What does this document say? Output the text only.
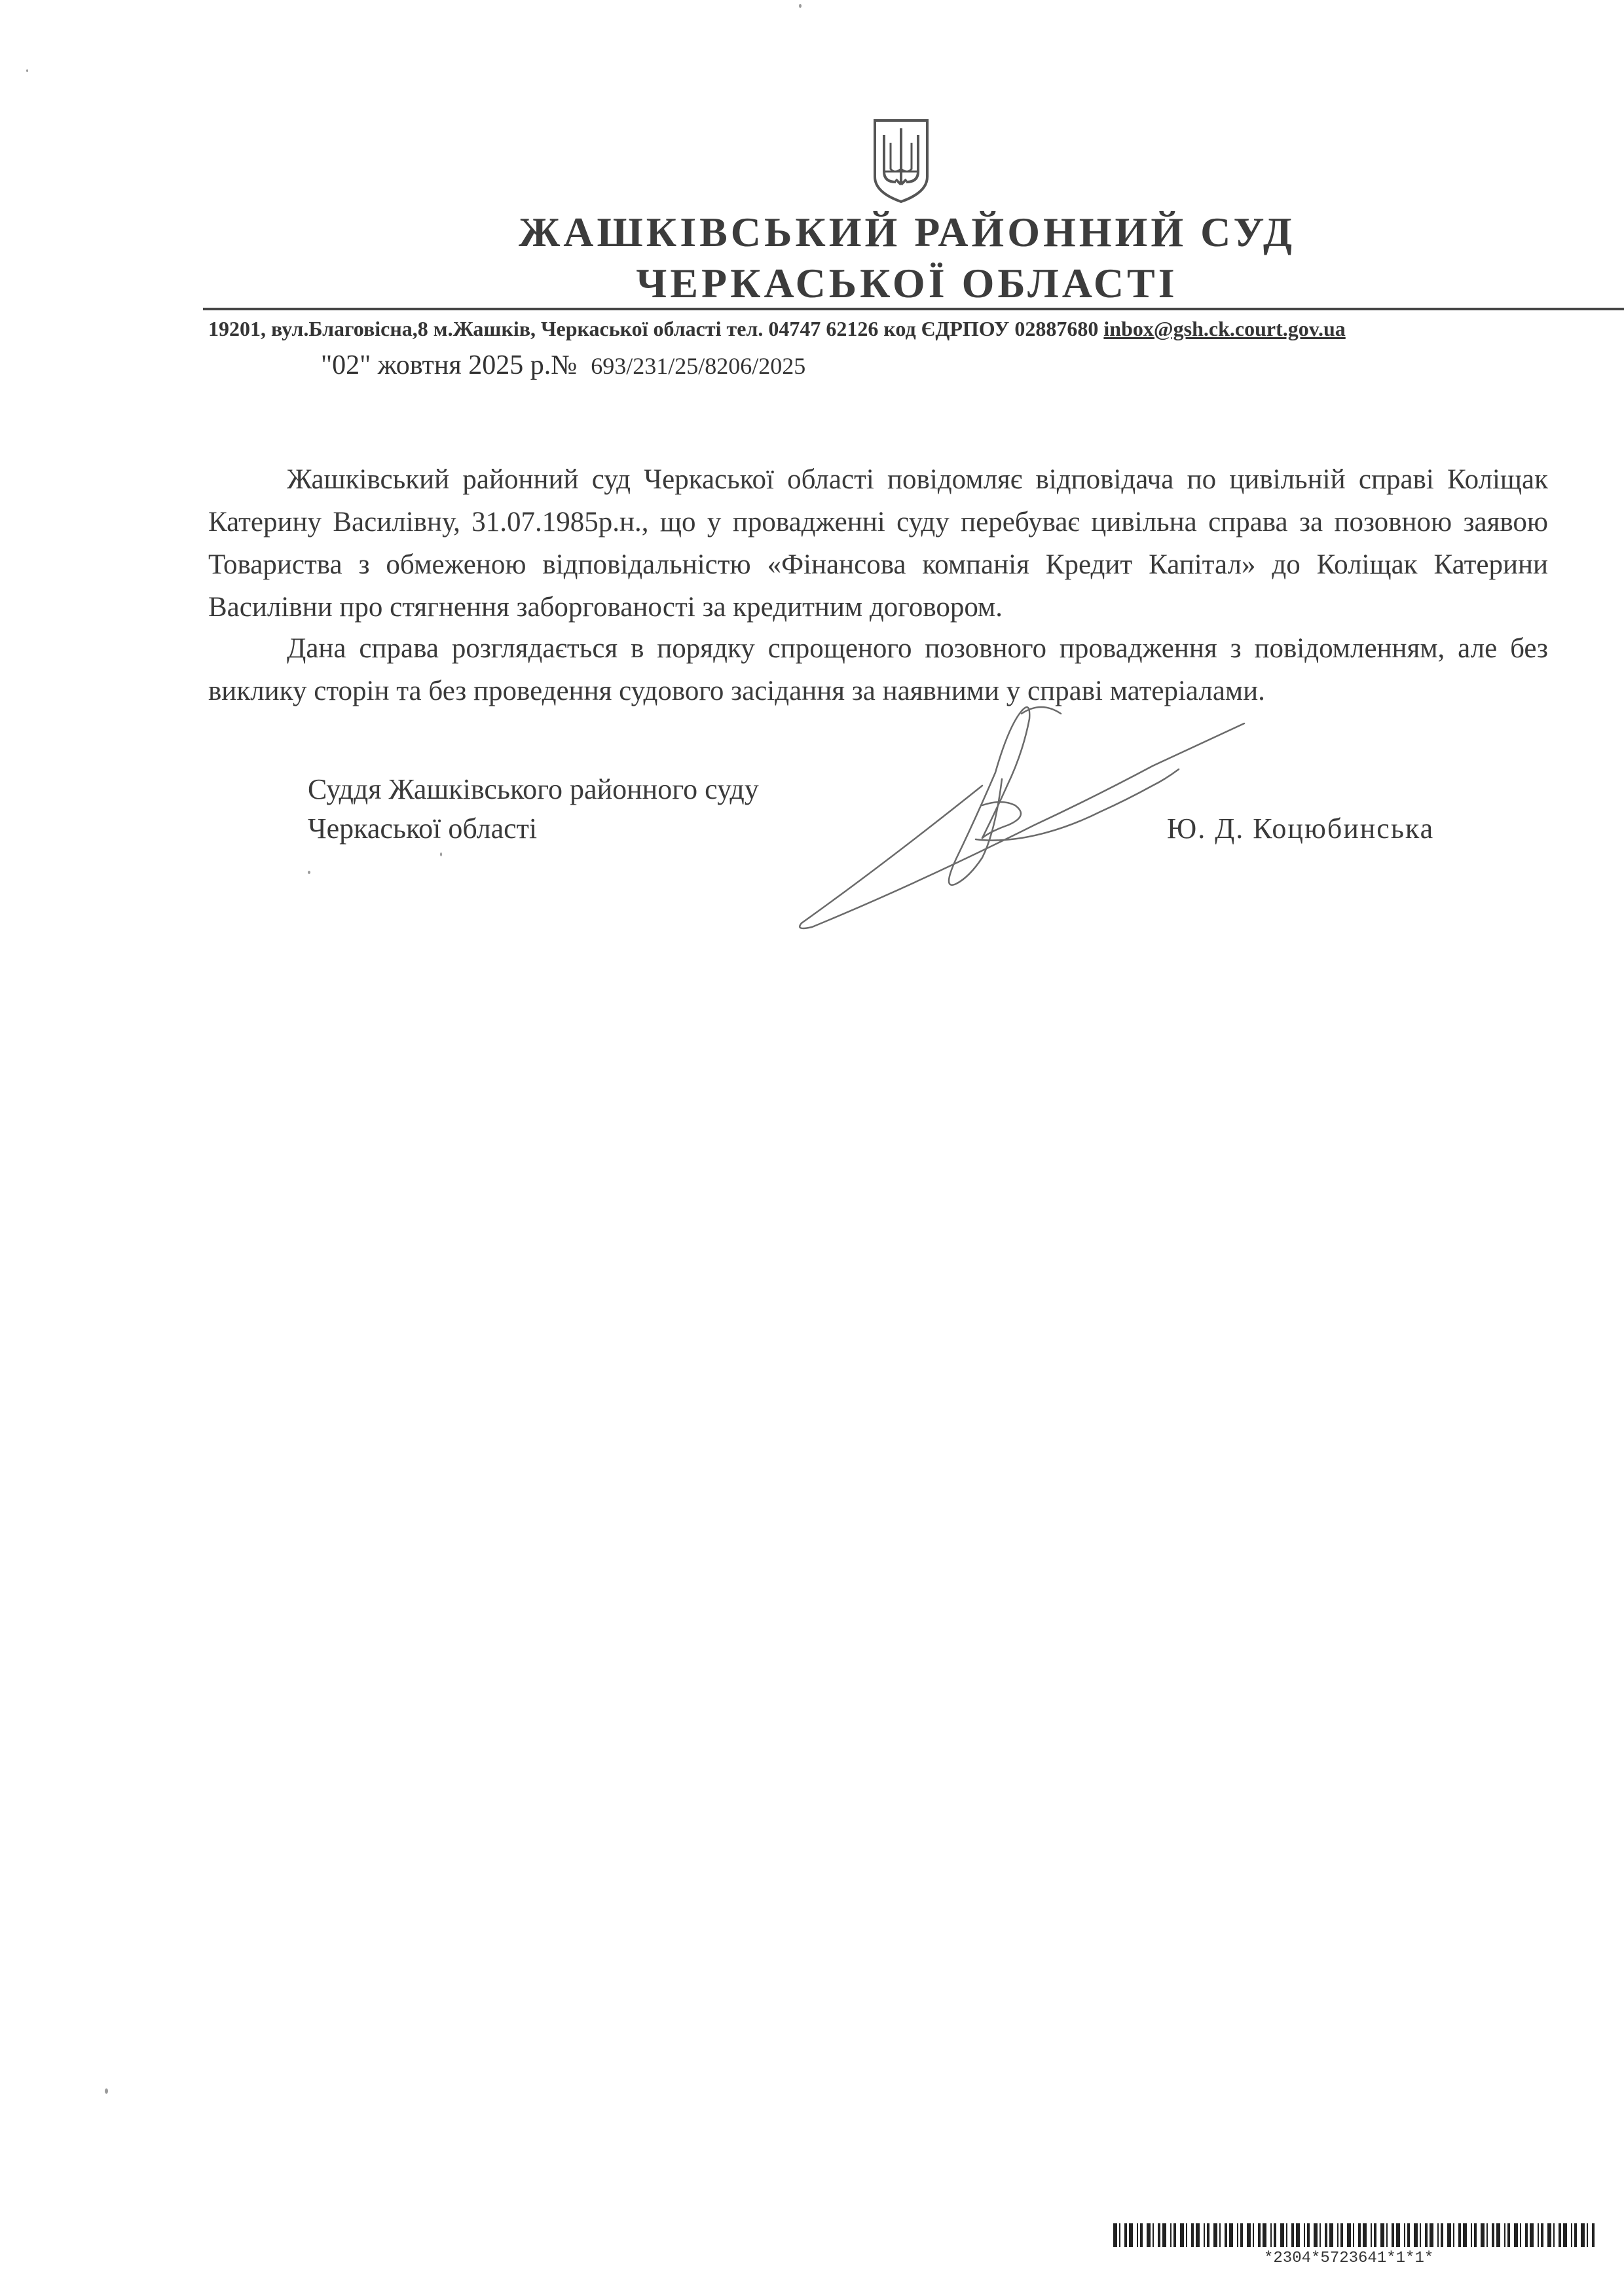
ЖАШКІВСЬКИЙ РАЙОННИЙ СУД
ЧЕРКАСЬКОЇ ОБЛАСТІ
19201, вул.Благовісна,8 м.Жашків, Черкаської області тел. 04747 62126 код ЄДРПОУ 02887680 inbox@gsh.ck.court.gov.ua
"02" жовтня 2025 р.№ 693/231/25/8206/2025
Жашківський районний суд Черкаської області повідомляє відповідача по цивільній справі Коліщак Катерину Василівну, 31.07.1985р.н., що у провадженні суду перебуває цивільна справа за позовною заявою Товариства з обмеженою відповідальністю «Фінансова компанія Кредит Капітал» до Коліщак Катерини Василівни про стягнення заборгованості за кредитним договором.
Дана справа розглядається в порядку спрощеного позовного провадження з повідомленням, але без виклику сторін та без проведення судового засідання за наявними у справі матеріалами.
Суддя Жашківського районного суду
Черкаської області	Ю. Д. Коцюбинська
*2304*5723641*1*1*
